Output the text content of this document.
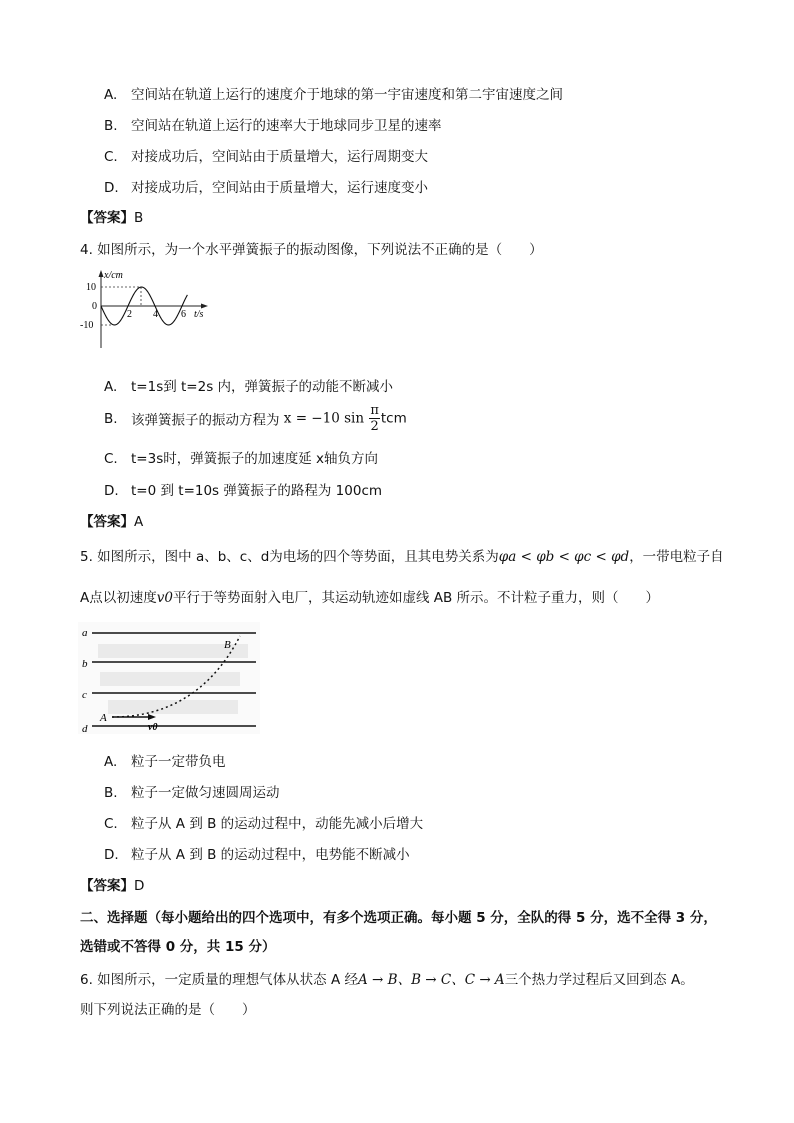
A. 空间站在轨道上运行的速度介于地球的第一宇宙速度和第二宇宙速度之间
B. 空间站在轨道上运行的速率大于地球同步卫星的速率
C. 对接成功后，空间站由于质量增大，运行周期变大
D. 对接成功后，空间站由于质量增大，运行速度变小
【答案】B
4. 如图所示，为一个水平弹簧振子的振动图像，下列说法不正确的是（　　）
x/cm
10
0
-10
2 4 6 t/s
A. t=1s到 t=2s 内，弹簧振子的动能不断减小
B. 该弹簧振子的振动方程为 x = −10 $\sin \frac{\pi}{2}$ tcm
C. t=3s时，弹簧振子的加速度延 x轴负方向
D. t=0 到 t=10s 弹簧振子的路程为 100cm
【答案】A
5. 如图所示，图中 a、b、c、d为电场的四个等势面，且其电势关系为φa < φb < φc < φd，一带电粒子自
A点以初速度v0平行于等势面射入电厂，其运动轨迹如虚线 AB 所示。不计粒子重力，则（　　）
a
b
c
d
A
v0
B
A. 粒子一定带负电
B. 粒子一定做匀速圆周运动
C. 粒子从 A 到 B 的运动过程中，动能先减小后增大
D. 粒子从 A 到 B 的运动过程中，电势能不断减小
【答案】D
二、选择题（每小题给出的四个选项中，有多个选项正确。每小题 5 分，全队的得 5 分，选不全得 3 分，
选错或不答得 0 分，共 15 分）
6. 如图所示，一定质量的理想气体从状态 A 经A → B、B → C、C → A三个热力学过程后又回到态 A。
则下列说法正确的是（　　）
